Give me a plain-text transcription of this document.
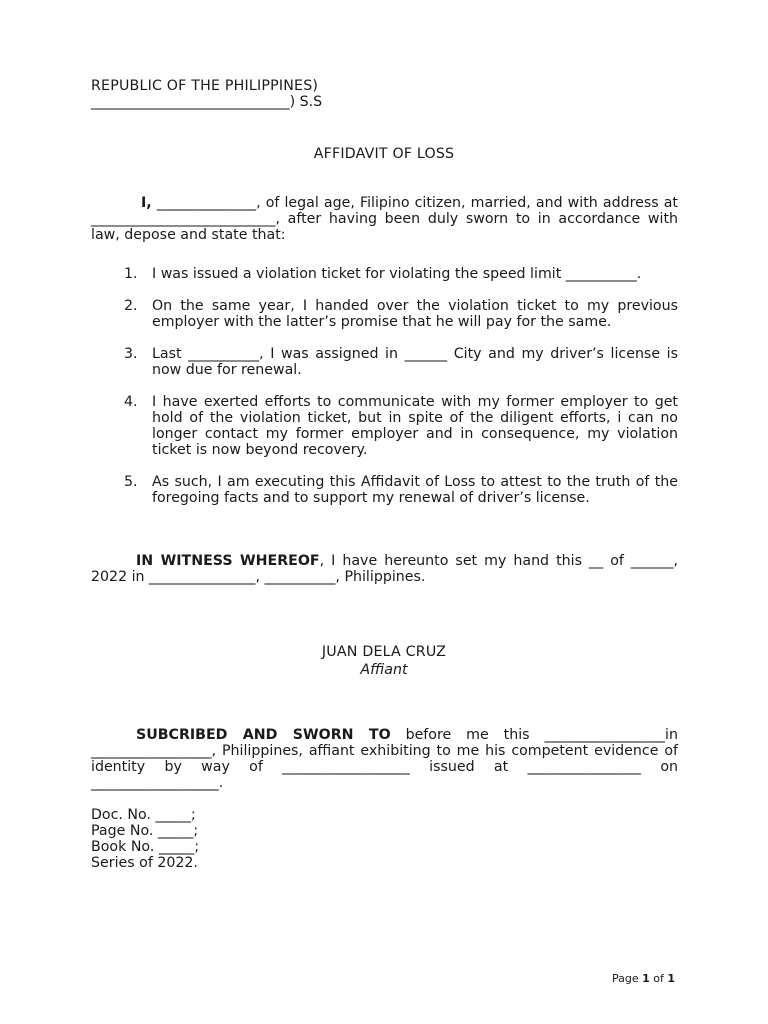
REPUBLIC OF THE PHILIPPINES)
____________________________) S.S
AFFIDAVIT OF LOSS
I, ______________, of legal age, Filipino citizen, married, and with address at __________________________, after having been duly sworn to in accordance with law, depose and state that:
1. I was issued a violation ticket for violating the speed limit __________.
2. On the same year, I handed over the violation ticket to my previous employer with the latter’s promise that he will pay for the same.
3. Last __________, I was assigned in ______ City and my driver’s license is now due for renewal.
4. I have exerted efforts to communicate with my former employer to get hold of the violation ticket, but in spite of the diligent efforts, i can no longer contact my former employer and in consequence, my violation ticket is now beyond recovery.
5. As such, I am executing this Affidavit of Loss to attest to the truth of the foregoing facts and to support my renewal of driver’s license.
IN WITNESS WHEREOF, I have hereunto set my hand this __ of ______, 2022 in _______________, __________, Philippines.
JUAN DELA CRUZ
Affiant
SUBCRIBED AND SWORN TO before me this _________________in _________________, Philippines, affiant exhibiting to me his competent evidence of identity by way of __________________ issued at ________________ on __________________.
Doc. No. _____;
Page No. _____;
Book No. _____;
Series of 2022.
Page 1 of 1
